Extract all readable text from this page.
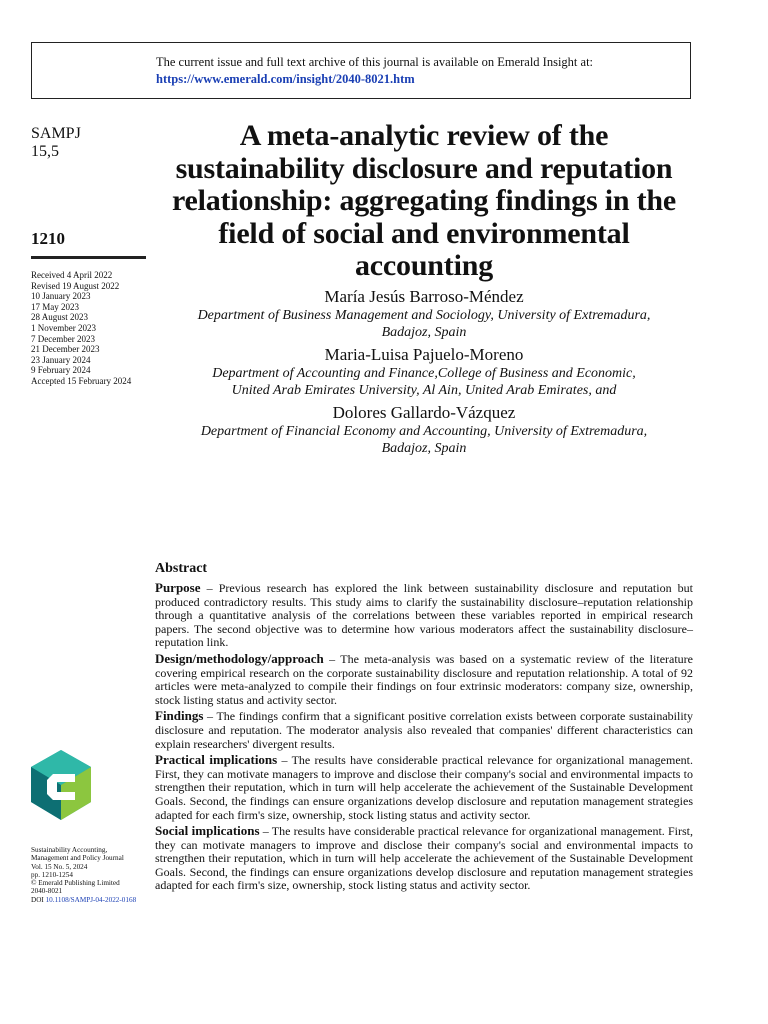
The current issue and full text archive of this journal is available on Emerald Insight at:
https://www.emerald.com/insight/2040-8021.htm
SAMPJ
15,5
1210
Received 4 April 2022
Revised 19 August 2022
10 January 2023
17 May 2023
28 August 2023
1 November 2023
7 December 2023
21 December 2023
23 January 2024
9 February 2024
Accepted 15 February 2024
Sustainability Accounting,
Management and Policy Journal
Vol. 15 No. 5, 2024
pp. 1210-1254
© Emerald Publishing Limited
2040-8021
DOI 10.1108/SAMPJ-04-2022-0168
A meta-analytic review of the sustainability disclosure and reputation relationship: aggregating findings in the field of social and environmental accounting
María Jesús Barroso-Méndez
Department of Business Management and Sociology, University of Extremadura,
Badajoz, Spain
Maria-Luisa Pajuelo-Moreno
Department of Accounting and Finance,College of Business and Economic,
United Arab Emirates University, Al Ain, United Arab Emirates, and
Dolores Gallardo-Vázquez
Department of Financial Economy and Accounting, University of Extremadura,
Badajoz, Spain
Abstract

Purpose – Previous research has explored the link between sustainability disclosure and reputation but produced contradictory results. This study aims to clarify the sustainability disclosure–reputation relationship through a quantitative analysis of the correlations between these variables reported in empirical research papers. The second objective was to determine how various moderators affect the sustainability disclosure–reputation link.

Design/methodology/approach – The meta-analysis was based on a systematic review of the literature covering empirical research on the corporate sustainability disclosure and reputation relationship. A total of 92 articles were meta-analyzed to compile their findings on four extrinsic moderators: company size, ownership, stock listing status and activity sector.

Findings – The findings confirm that a significant positive correlation exists between corporate sustainability disclosure and reputation. The moderator analysis also revealed that companies' different characteristics can explain researchers' divergent results.

Practical implications – The results have considerable practical relevance for organizational management. First, they can motivate managers to improve and disclose their company's social and environmental impacts to strengthen their reputation, which in turn will help accelerate the achievement of the Sustainable Development Goals. Second, the findings can ensure organizations develop disclosure and reputation management strategies adapted for each firm's size, ownership, stock listing status and activity sector.

Social implications – The results have considerable practical relevance for organizational management. First, they can motivate managers to improve and disclose their company's social and environmental impacts to strengthen their reputation, which in turn will help accelerate the achievement of the Sustainable Development Goals. Second, the findings can ensure organizations develop disclosure and reputation management strategies adapted for each firm's size, ownership, stock listing status and activity sector.
